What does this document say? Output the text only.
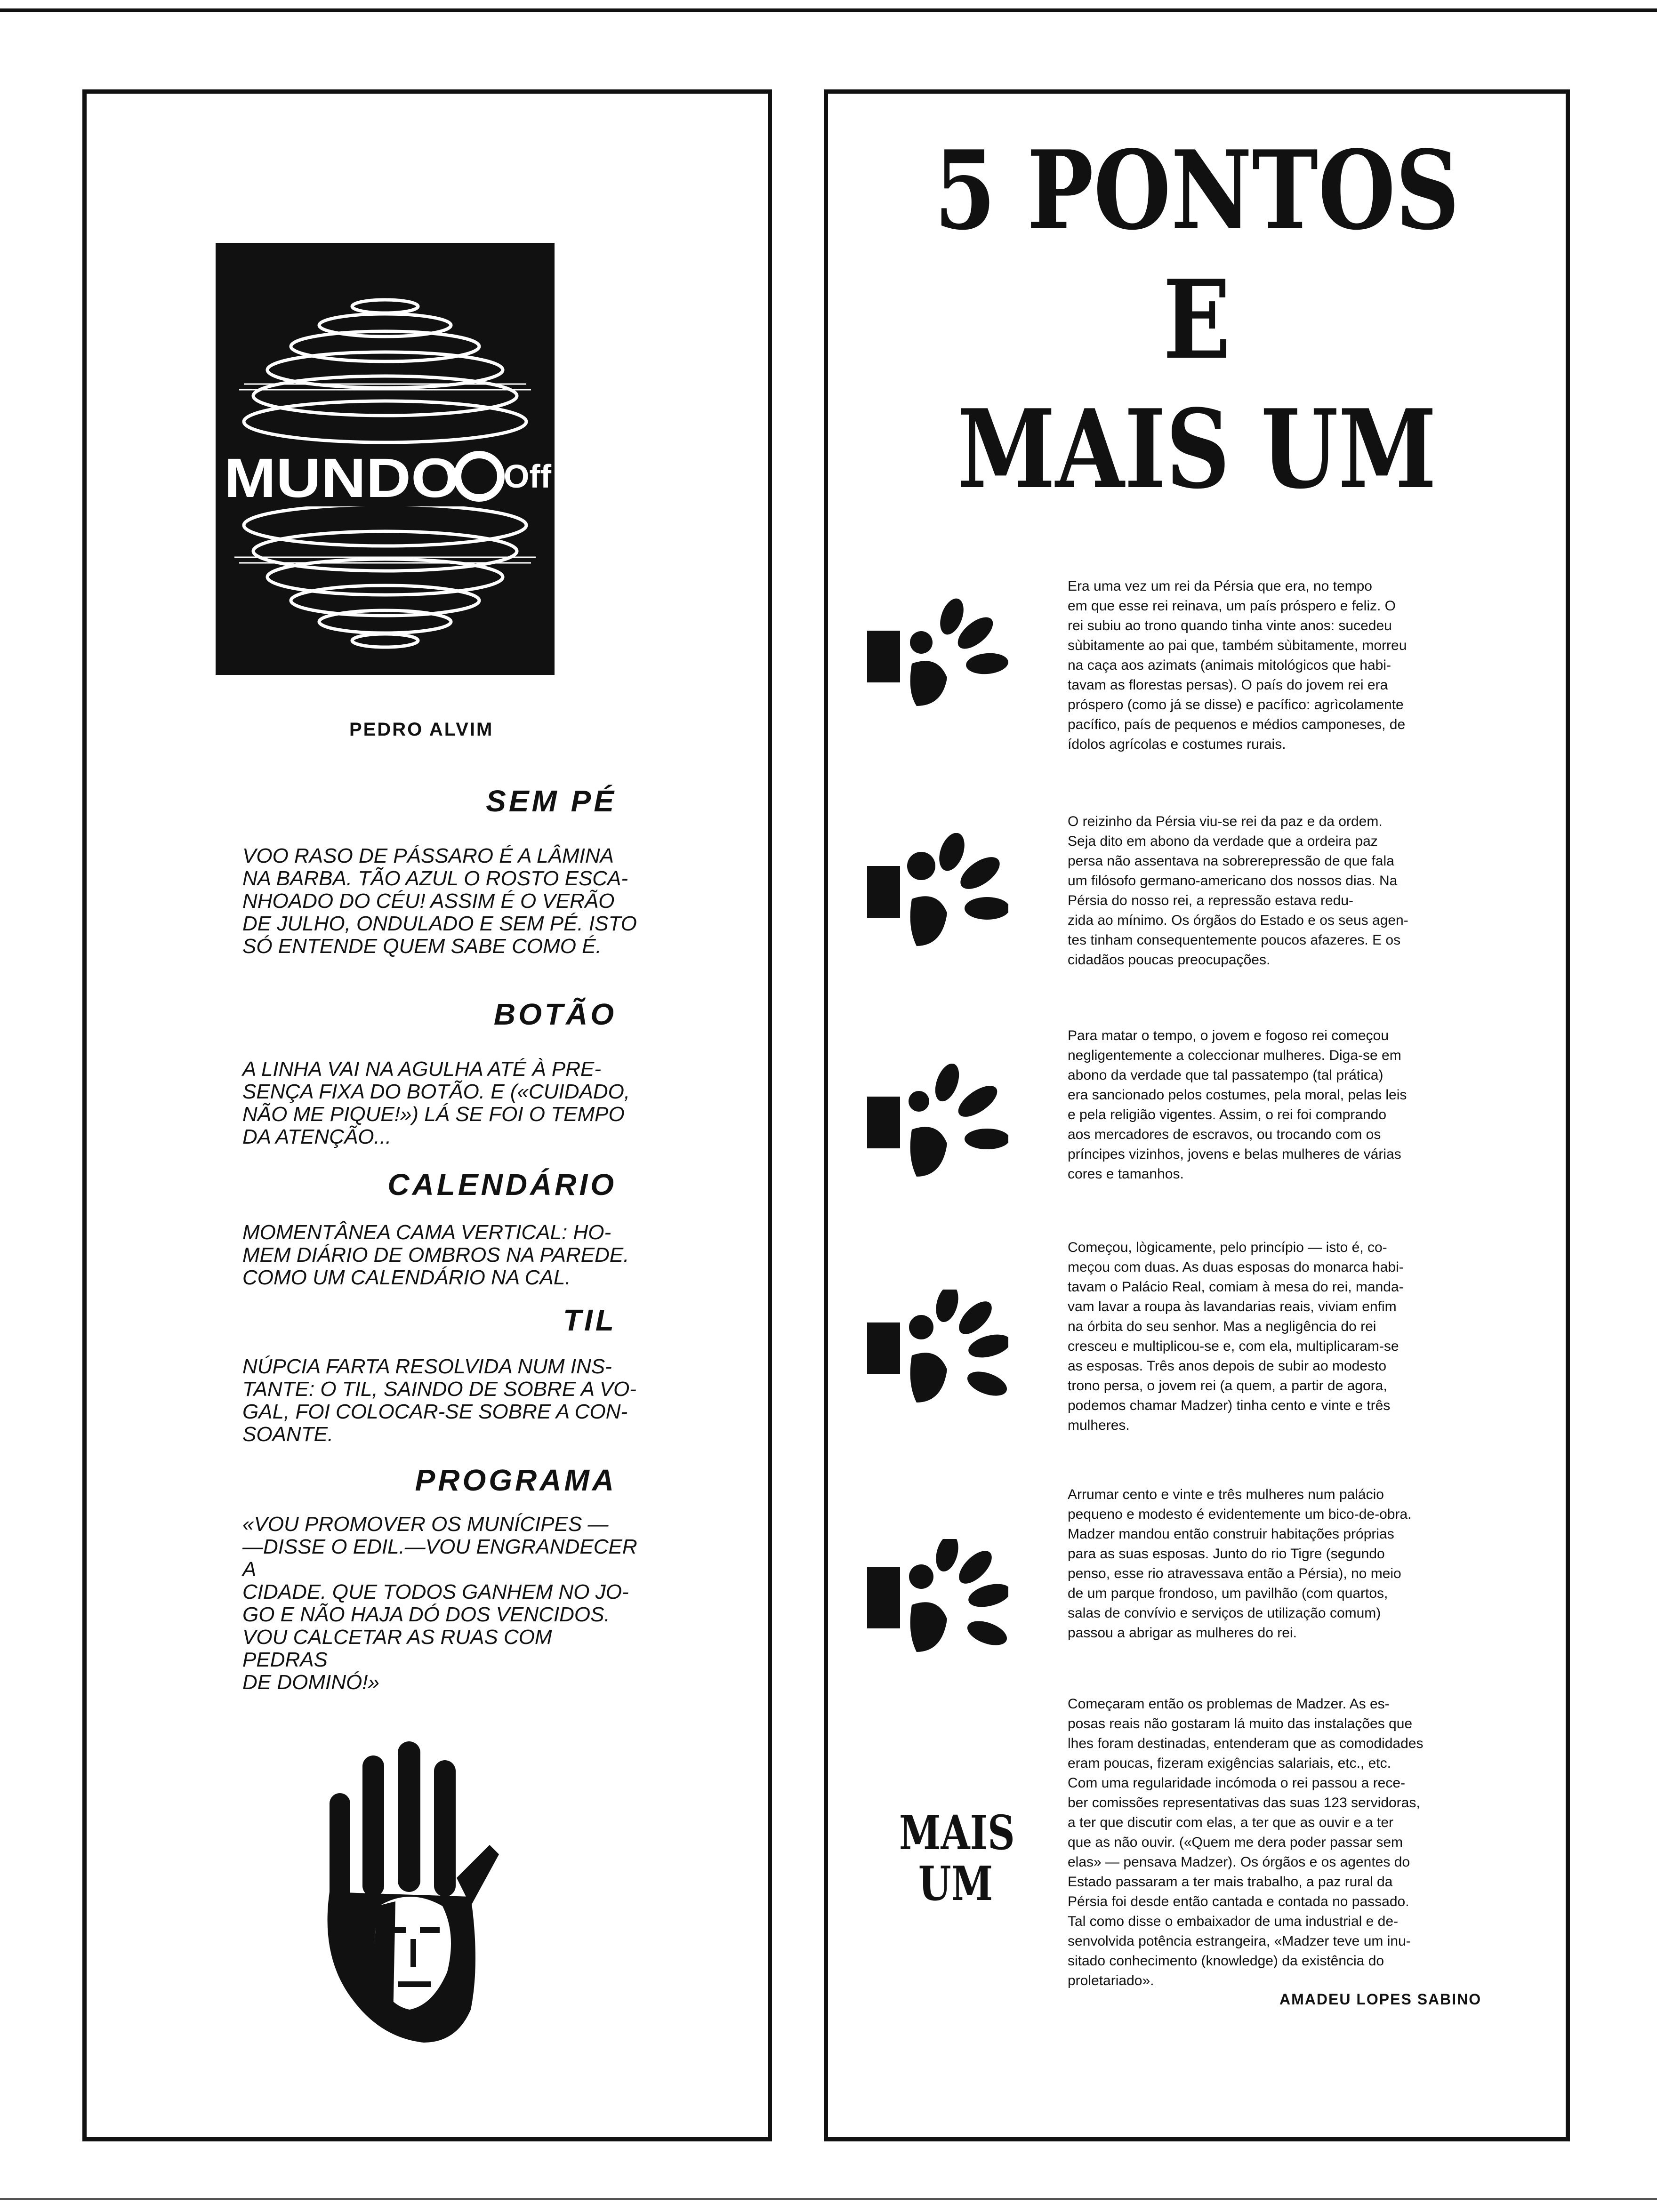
MUNDO Off
PEDRO ALVIM
SEM PÉ
VOO RASO DE PÁSSARO É A LÂMINA
NA BARBA. TÃO AZUL O ROSTO ESCA-
NHOADO DO CÉU! ASSIM É O VERÃO
DE JULHO, ONDULADO E SEM PÉ. ISTO
SÓ ENTENDE QUEM SABE COMO É.
BOTÃO
A LINHA VAI NA AGULHA ATÉ À PRE-
SENÇA FIXA DO BOTÃO. E («CUIDADO,
NÃO ME PIQUE!») LÁ SE FOI O TEMPO
DA ATENÇÃO...
CALENDÁRIO
MOMENTÂNEA CAMA VERTICAL: HO-
MEM DIÁRIO DE OMBROS NA PAREDE.
COMO UM CALENDÁRIO NA CAL.
TIL
NÚPCIA FARTA RESOLVIDA NUM INS-
TANTE: O TIL, SAINDO DE SOBRE A VO-
GAL, FOI COLOCAR-SE SOBRE A CON-
SOANTE.
PROGRAMA
«VOU PROMOVER OS MUNÍCIPES —
—DISSE O EDIL.—VOU ENGRANDECER A
CIDADE. QUE TODOS GANHEM NO JO-
GO E NÃO HAJA DÓ DOS VENCIDOS.
VOU CALCETAR AS RUAS COM PEDRAS
DE DOMINÓ!»
5 PONTOS
E
MAIS UM
Era uma vez um rei da Pérsia que era, no tempo
em que esse rei reinava, um país próspero e feliz. O
rei subiu ao trono quando tinha vinte anos: sucedeu
sùbitamente ao pai que, também sùbitamente, morreu
na caça aos azimats (animais mitológicos que habi-
tavam as florestas persas). O país do jovem rei era
próspero (como já se disse) e pacífico: agrìcolamente
pacífico, país de pequenos e médios camponeses, de
ídolos agrícolas e costumes rurais.
O reizinho da Pérsia viu-se rei da paz e da ordem.
Seja dito em abono da verdade que a ordeira paz
persa não assentava na sobrerepressão de que fala
um filósofo germano-americano dos nossos dias. Na
Pérsia do nosso rei, a repressão estava redu-
zida ao mínimo. Os órgãos do Estado e os seus agen-
tes tinham consequentemente poucos afazeres. E os
cidadãos poucas preocupações.
Para matar o tempo, o jovem e fogoso rei começou
negligentemente a coleccionar mulheres. Diga-se em
abono da verdade que tal passatempo (tal prática)
era sancionado pelos costumes, pela moral, pelas leis
e pela religião vigentes. Assim, o rei foi comprando
aos mercadores de escravos, ou trocando com os
príncipes vizinhos, jovens e belas mulheres de várias
cores e tamanhos.
Começou, lògicamente, pelo princípio — isto é, co-
meçou com duas. As duas esposas do monarca habi-
tavam o Palácio Real, comiam à mesa do rei, manda-
vam lavar a roupa às lavandarias reais, viviam enfim
na órbita do seu senhor. Mas a negligência do rei
cresceu e multiplicou-se e, com ela, multiplicaram-se
as esposas. Três anos depois de subir ao modesto
trono persa, o jovem rei (a quem, a partir de agora,
podemos chamar Madzer) tinha cento e vinte e três
mulheres.
Arrumar cento e vinte e três mulheres num palácio
pequeno e modesto é evidentemente um bico-de-obra.
Madzer mandou então construir habitações próprias
para as suas esposas. Junto do rio Tigre (segundo
penso, esse rio atravessava então a Pérsia), no meio
de um parque frondoso, um pavilhão (com quartos,
salas de convívio e serviços de utilização comum)
passou a abrigar as mulheres do rei.
Começaram então os problemas de Madzer. As es-
posas reais não gostaram lá muito das instalações que
lhes foram destinadas, entenderam que as comodidades
eram poucas, fizeram exigências salariais, etc., etc.
Com uma regularidade incómoda o rei passou a rece-
ber comissões representativas das suas 123 servidoras,
a ter que discutir com elas, a ter que as ouvir e a ter
que as não ouvir. («Quem me dera poder passar sem
elas» — pensava Madzer). Os órgãos e os agentes do
Estado passaram a ter mais trabalho, a paz rural da
Pérsia foi desde então cantada e contada no passado.
Tal como disse o embaixador de uma industrial e de-
senvolvida potência estrangeira, «Madzer teve um inu-
sitado conhecimento (knowledge) da existência do
proletariado».
MAIS
UM
AMADEU LOPES SABINO
